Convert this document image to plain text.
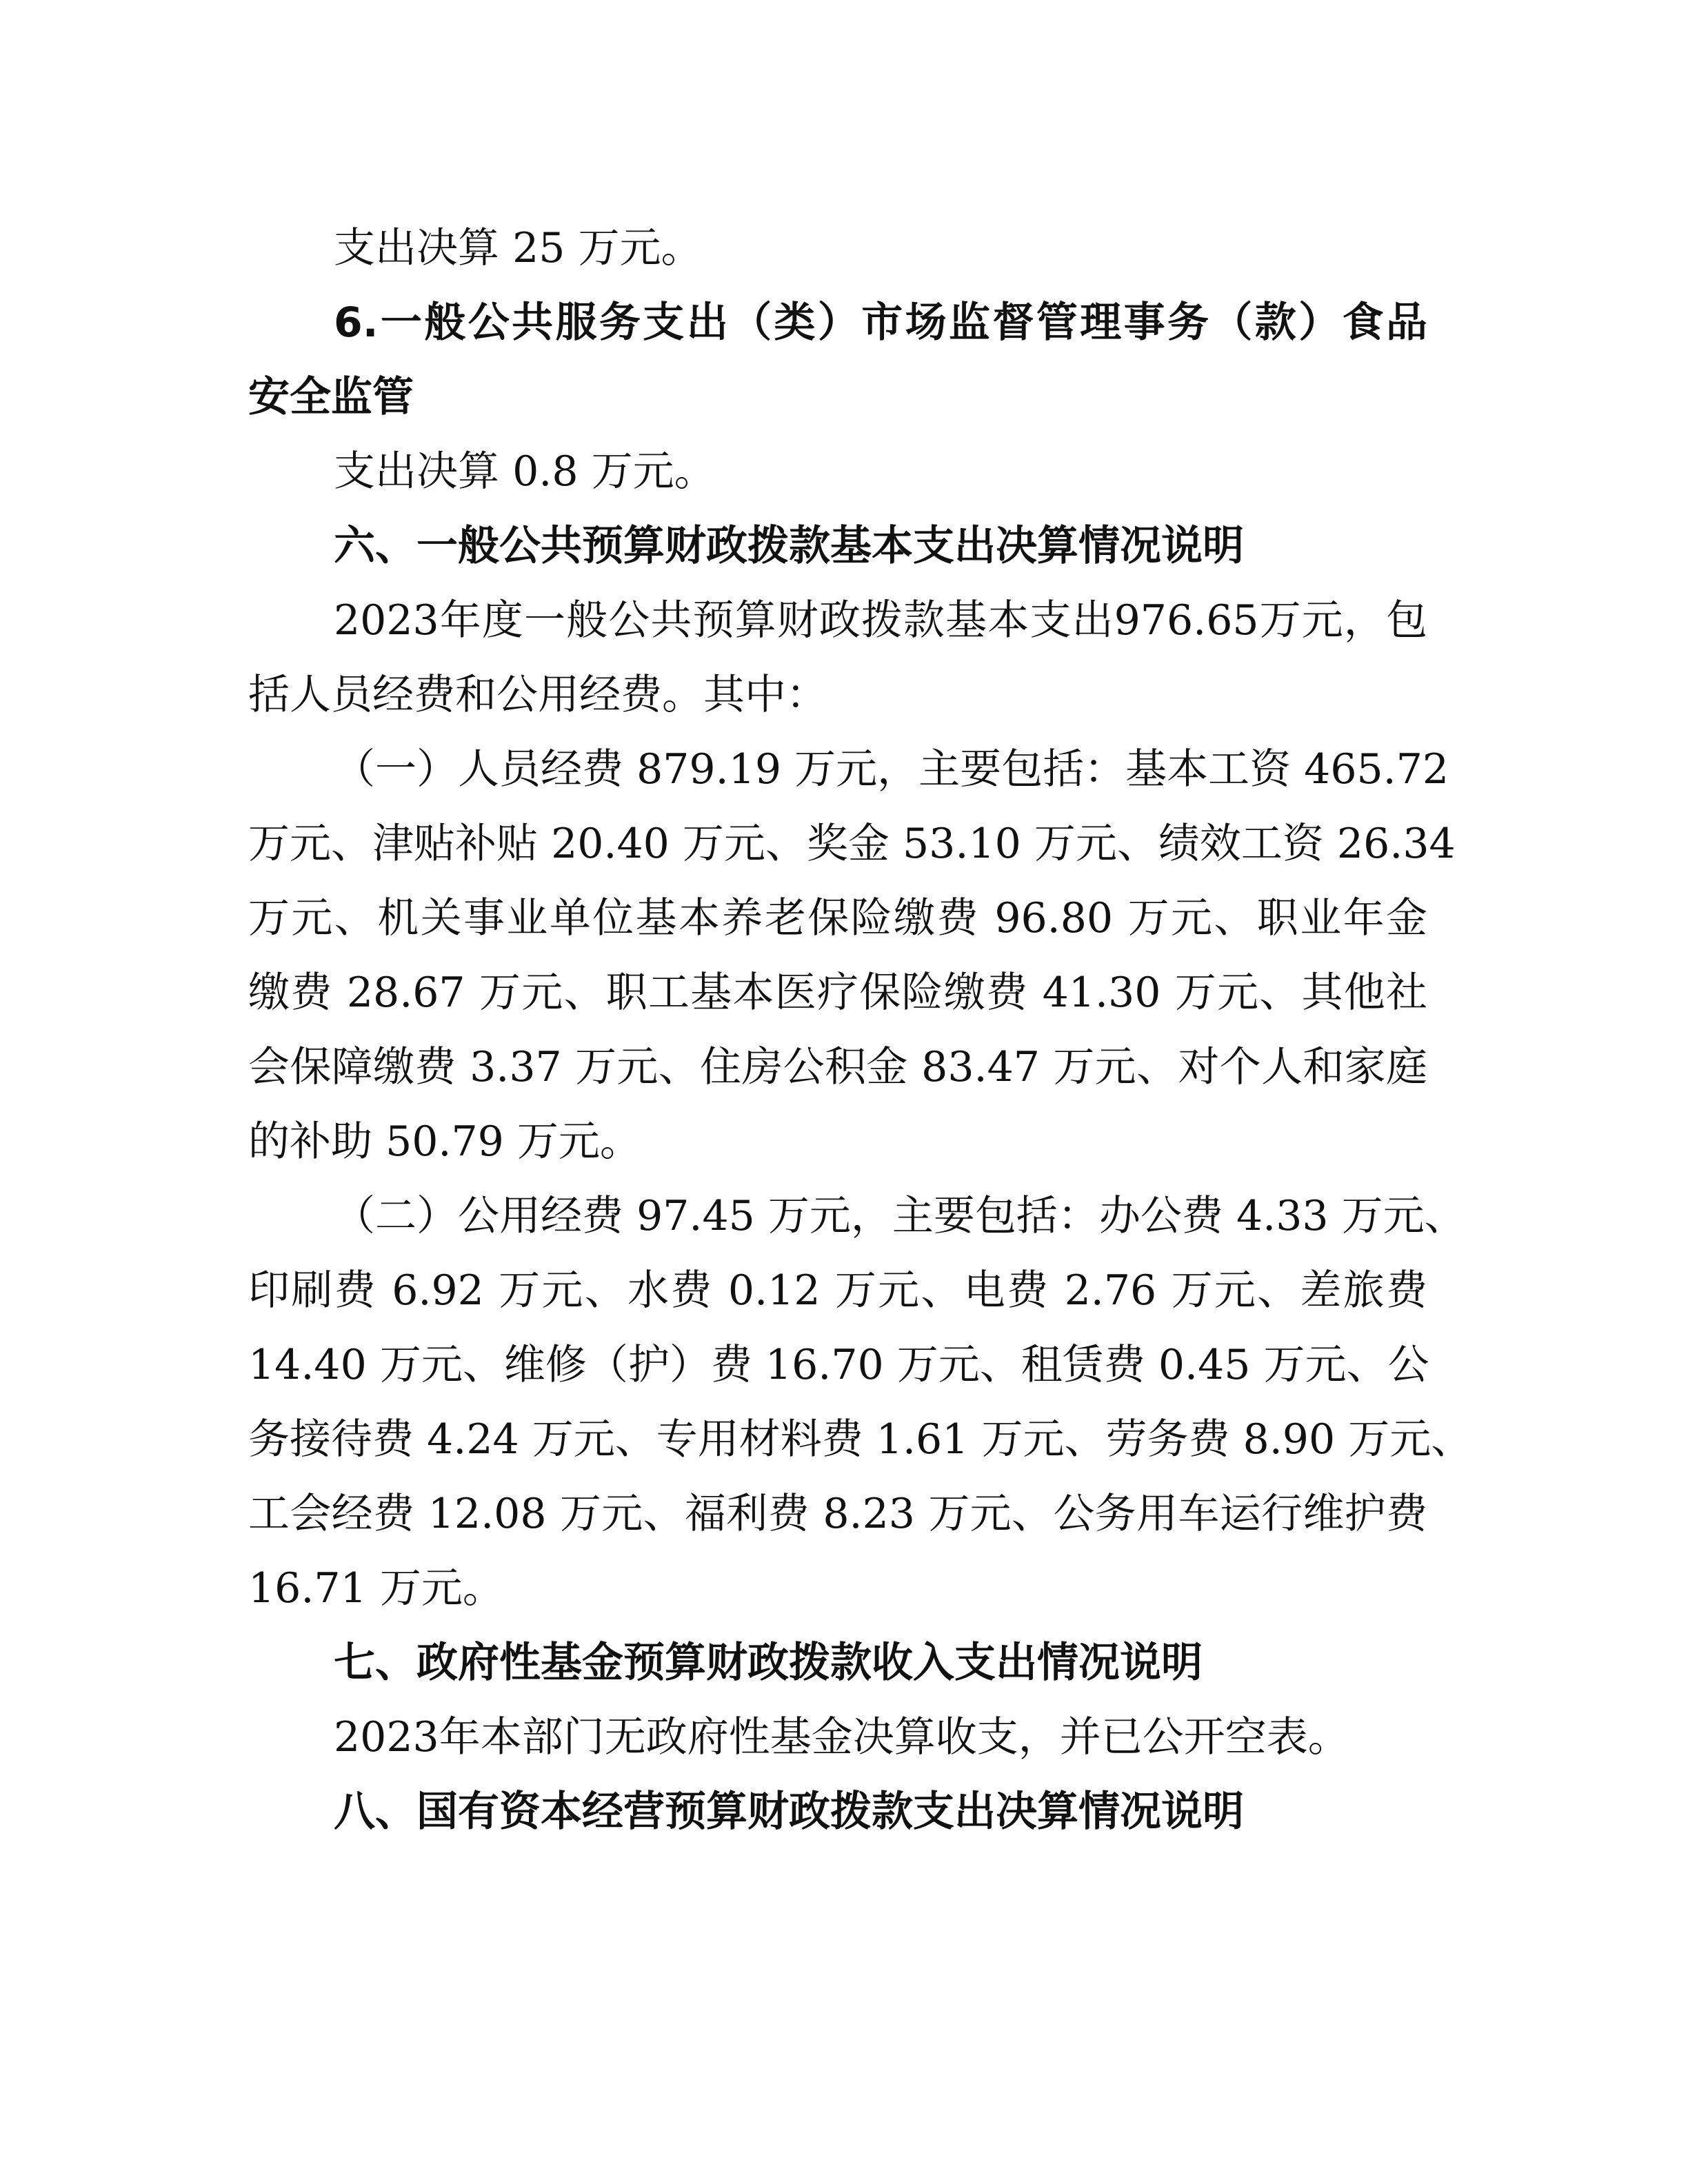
支出决算 25 万元。
6.一般公共服务支出（类）市场监督管理事务（款）食品
安全监管
支出决算 0.8 万元。
六、一般公共预算财政拨款基本支出决算情况说明
2023年度一般公共预算财政拨款基本支出976.65万元，包
括人员经费和公用经费。其中：
（一）人员经费 879.19 万元，主要包括：基本工资 465.72
万元、津贴补贴 20.40 万元、奖金 53.10 万元、绩效工资 26.34
万元、机关事业单位基本养老保险缴费 96.80 万元、职业年金
缴费 28.67 万元、职工基本医疗保险缴费 41.30 万元、其他社
会保障缴费 3.37 万元、住房公积金 83.47 万元、对个人和家庭
的补助 50.79 万元。
（二）公用经费 97.45 万元，主要包括：办公费 4.33 万元、
印刷费 6.92 万元、水费 0.12 万元、电费 2.76 万元、差旅费
14.40 万元、维修（护）费 16.70 万元、租赁费 0.45 万元、公
务接待费 4.24 万元、专用材料费 1.61 万元、劳务费 8.90 万元、
工会经费 12.08 万元、福利费 8.23 万元、公务用车运行维护费
16.71 万元。
七、政府性基金预算财政拨款收入支出情况说明
2023年本部门无政府性基金决算收支，并已公开空表。
八、国有资本经营预算财政拨款支出决算情况说明
